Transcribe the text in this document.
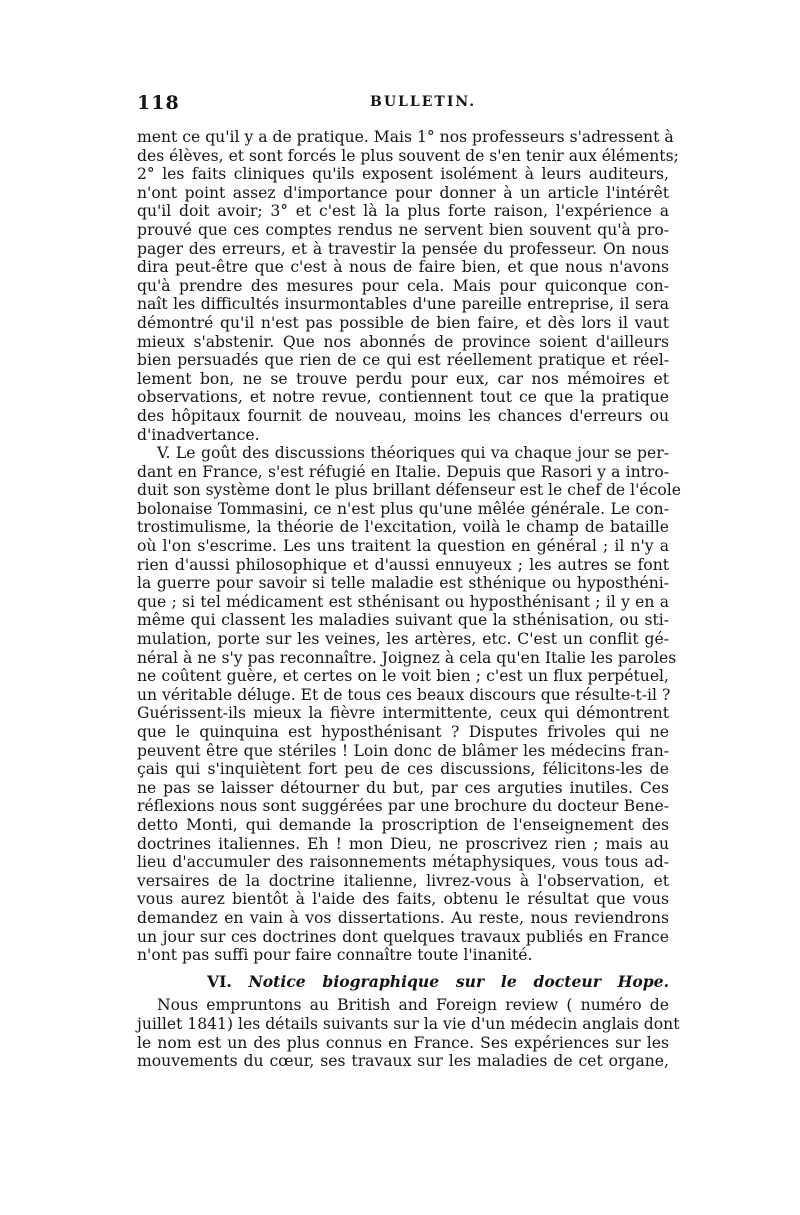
118	BULLETIN.
ment ce qu'il y a de pratique. Mais 1° nos professeurs s'adressent à
des élèves, et sont forcés le plus souvent de s'en tenir aux éléments;
2° les faits cliniques qu'ils exposent isolément à leurs auditeurs,
n'ont point assez d'importance pour donner à un article l'intérêt
qu'il doit avoir; 3° et c'est là la plus forte raison, l'expérience a
prouvé que ces comptes rendus ne servent bien souvent qu'à pro-
pager des erreurs, et à travestir la pensée du professeur. On nous
dira peut-être que c'est à nous de faire bien, et que nous n'avons
qu'à prendre des mesures pour cela. Mais pour quiconque con-
naît les difficultés insurmontables d'une pareille entreprise, il sera
démontré qu'il n'est pas possible de bien faire, et dès lors il vaut
mieux s'abstenir. Que nos abonnés de province soient d'ailleurs
bien persuadés que rien de ce qui est réellement pratique et réel-
lement bon, ne se trouve perdu pour eux, car nos mémoires et
observations, et notre revue, contiennent tout ce que la pratique
des hôpitaux fournit de nouveau, moins les chances d'erreurs ou
d'inadvertance.
V. Le goût des discussions théoriques qui va chaque jour se per-
dant en France, s'est réfugié en Italie. Depuis que Rasori y a intro-
duit son système dont le plus brillant défenseur est le chef de l'école
bolonaise Tommasini, ce n'est plus qu'une mêlée générale. Le con-
trostimulisme, la théorie de l'excitation, voilà le champ de bataille
où l'on s'escrime. Les uns traitent la question en général ; il n'y a
rien d'aussi philosophique et d'aussi ennuyeux ; les autres se font
la guerre pour savoir si telle maladie est sthénique ou hyposthéni-
que ; si tel médicament est sthénisant ou hyposthénisant ; il y en a
même qui classent les maladies suivant que la sthénisation, ou sti-
mulation, porte sur les veines, les artères, etc. C'est un conflit gé-
néral à ne s'y pas reconnaître. Joignez à cela qu'en Italie les paroles
ne coûtent guère, et certes on le voit bien ; c'est un flux perpétuel,
un véritable déluge. Et de tous ces beaux discours que résulte-t-il ?
Guérissent-ils mieux la fièvre intermittente, ceux qui démontrent
que le quinquina est hyposthénisant ? Disputes frivoles qui ne
peuvent être que stériles ! Loin donc de blâmer les médecins fran-
çais qui s'inquiètent fort peu de ces discussions, félicitons-les de
ne pas se laisser détourner du but, par ces arguties inutiles. Ces
réflexions nous sont suggérées par une brochure du docteur Bene-
detto Monti, qui demande la proscription de l'enseignement des
doctrines italiennes. Eh ! mon Dieu, ne proscrivez rien ; mais au
lieu d'accumuler des raisonnements métaphysiques, vous tous ad-
versaires de la doctrine italienne, livrez-vous à l'observation, et
vous aurez bientôt à l'aide des faits, obtenu le résultat que vous
demandez en vain à vos dissertations. Au reste, nous reviendrons
un jour sur ces doctrines dont quelques travaux publiés en France
n'ont pas suffi pour faire connaître toute l'inanité.
VI. Notice biographique sur le docteur Hope.
Nous empruntons au British and Foreign review ( numéro de
juillet 1841) les détails suivants sur la vie d'un médecin anglais dont
le nom est un des plus connus en France. Ses expériences sur les
mouvements du cœur, ses travaux sur les maladies de cet organe,
